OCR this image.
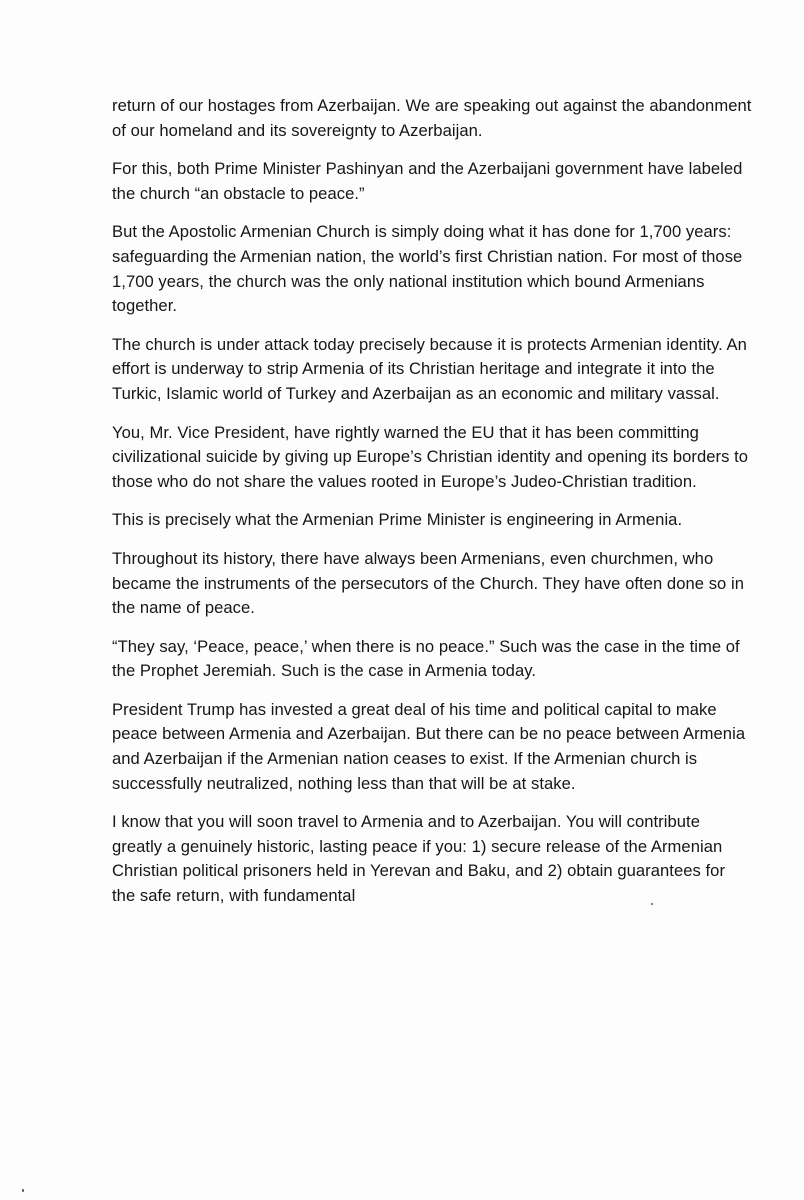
return of our hostages from Azerbaijan. We are speaking out against the abandonment of our homeland and its sovereignty to Azerbaijan.

For this, both Prime Minister Pashinyan and the Azerbaijani government have labeled the church “an obstacle to peace.”

But the Apostolic Armenian Church is simply doing what it has done for 1,700 years: safeguarding the Armenian nation, the world’s first Christian nation. For most of those 1,700 years, the church was the only national institution which bound Armenians together.

The church is under attack today precisely because it is protects Armenian identity. An effort is underway to strip Armenia of its Christian heritage and integrate it into the Turkic, Islamic world of Turkey and Azerbaijan as an economic and military vassal.

You, Mr. Vice President, have rightly warned the EU that it has been committing civilizational suicide by giving up Europe’s Christian identity and opening its borders to those who do not share the values rooted in Europe’s Judeo-Christian tradition.

This is precisely what the Armenian Prime Minister is engineering in Armenia.

Throughout its history, there have always been Armenians, even churchmen, who became the instruments of the persecutors of the Church. They have often done so in the name of peace.

“They say, ‘Peace, peace,’ when there is no peace.” Such was the case in the time of the Prophet Jeremiah. Such is the case in Armenia today.

President Trump has invested a great deal of his time and political capital to make peace between Armenia and Azerbaijan. But there can be no peace between Armenia and Azerbaijan if the Armenian nation ceases to exist. If the Armenian church is successfully neutralized, nothing less than that will be at stake.

I know that you will soon travel to Armenia and to Azerbaijan. You will contribute greatly a genuinely historic, lasting peace if you: 1) secure release of the Armenian Christian political prisoners held in Yerevan and Baku, and 2) obtain guarantees for the safe return, with fundamental
